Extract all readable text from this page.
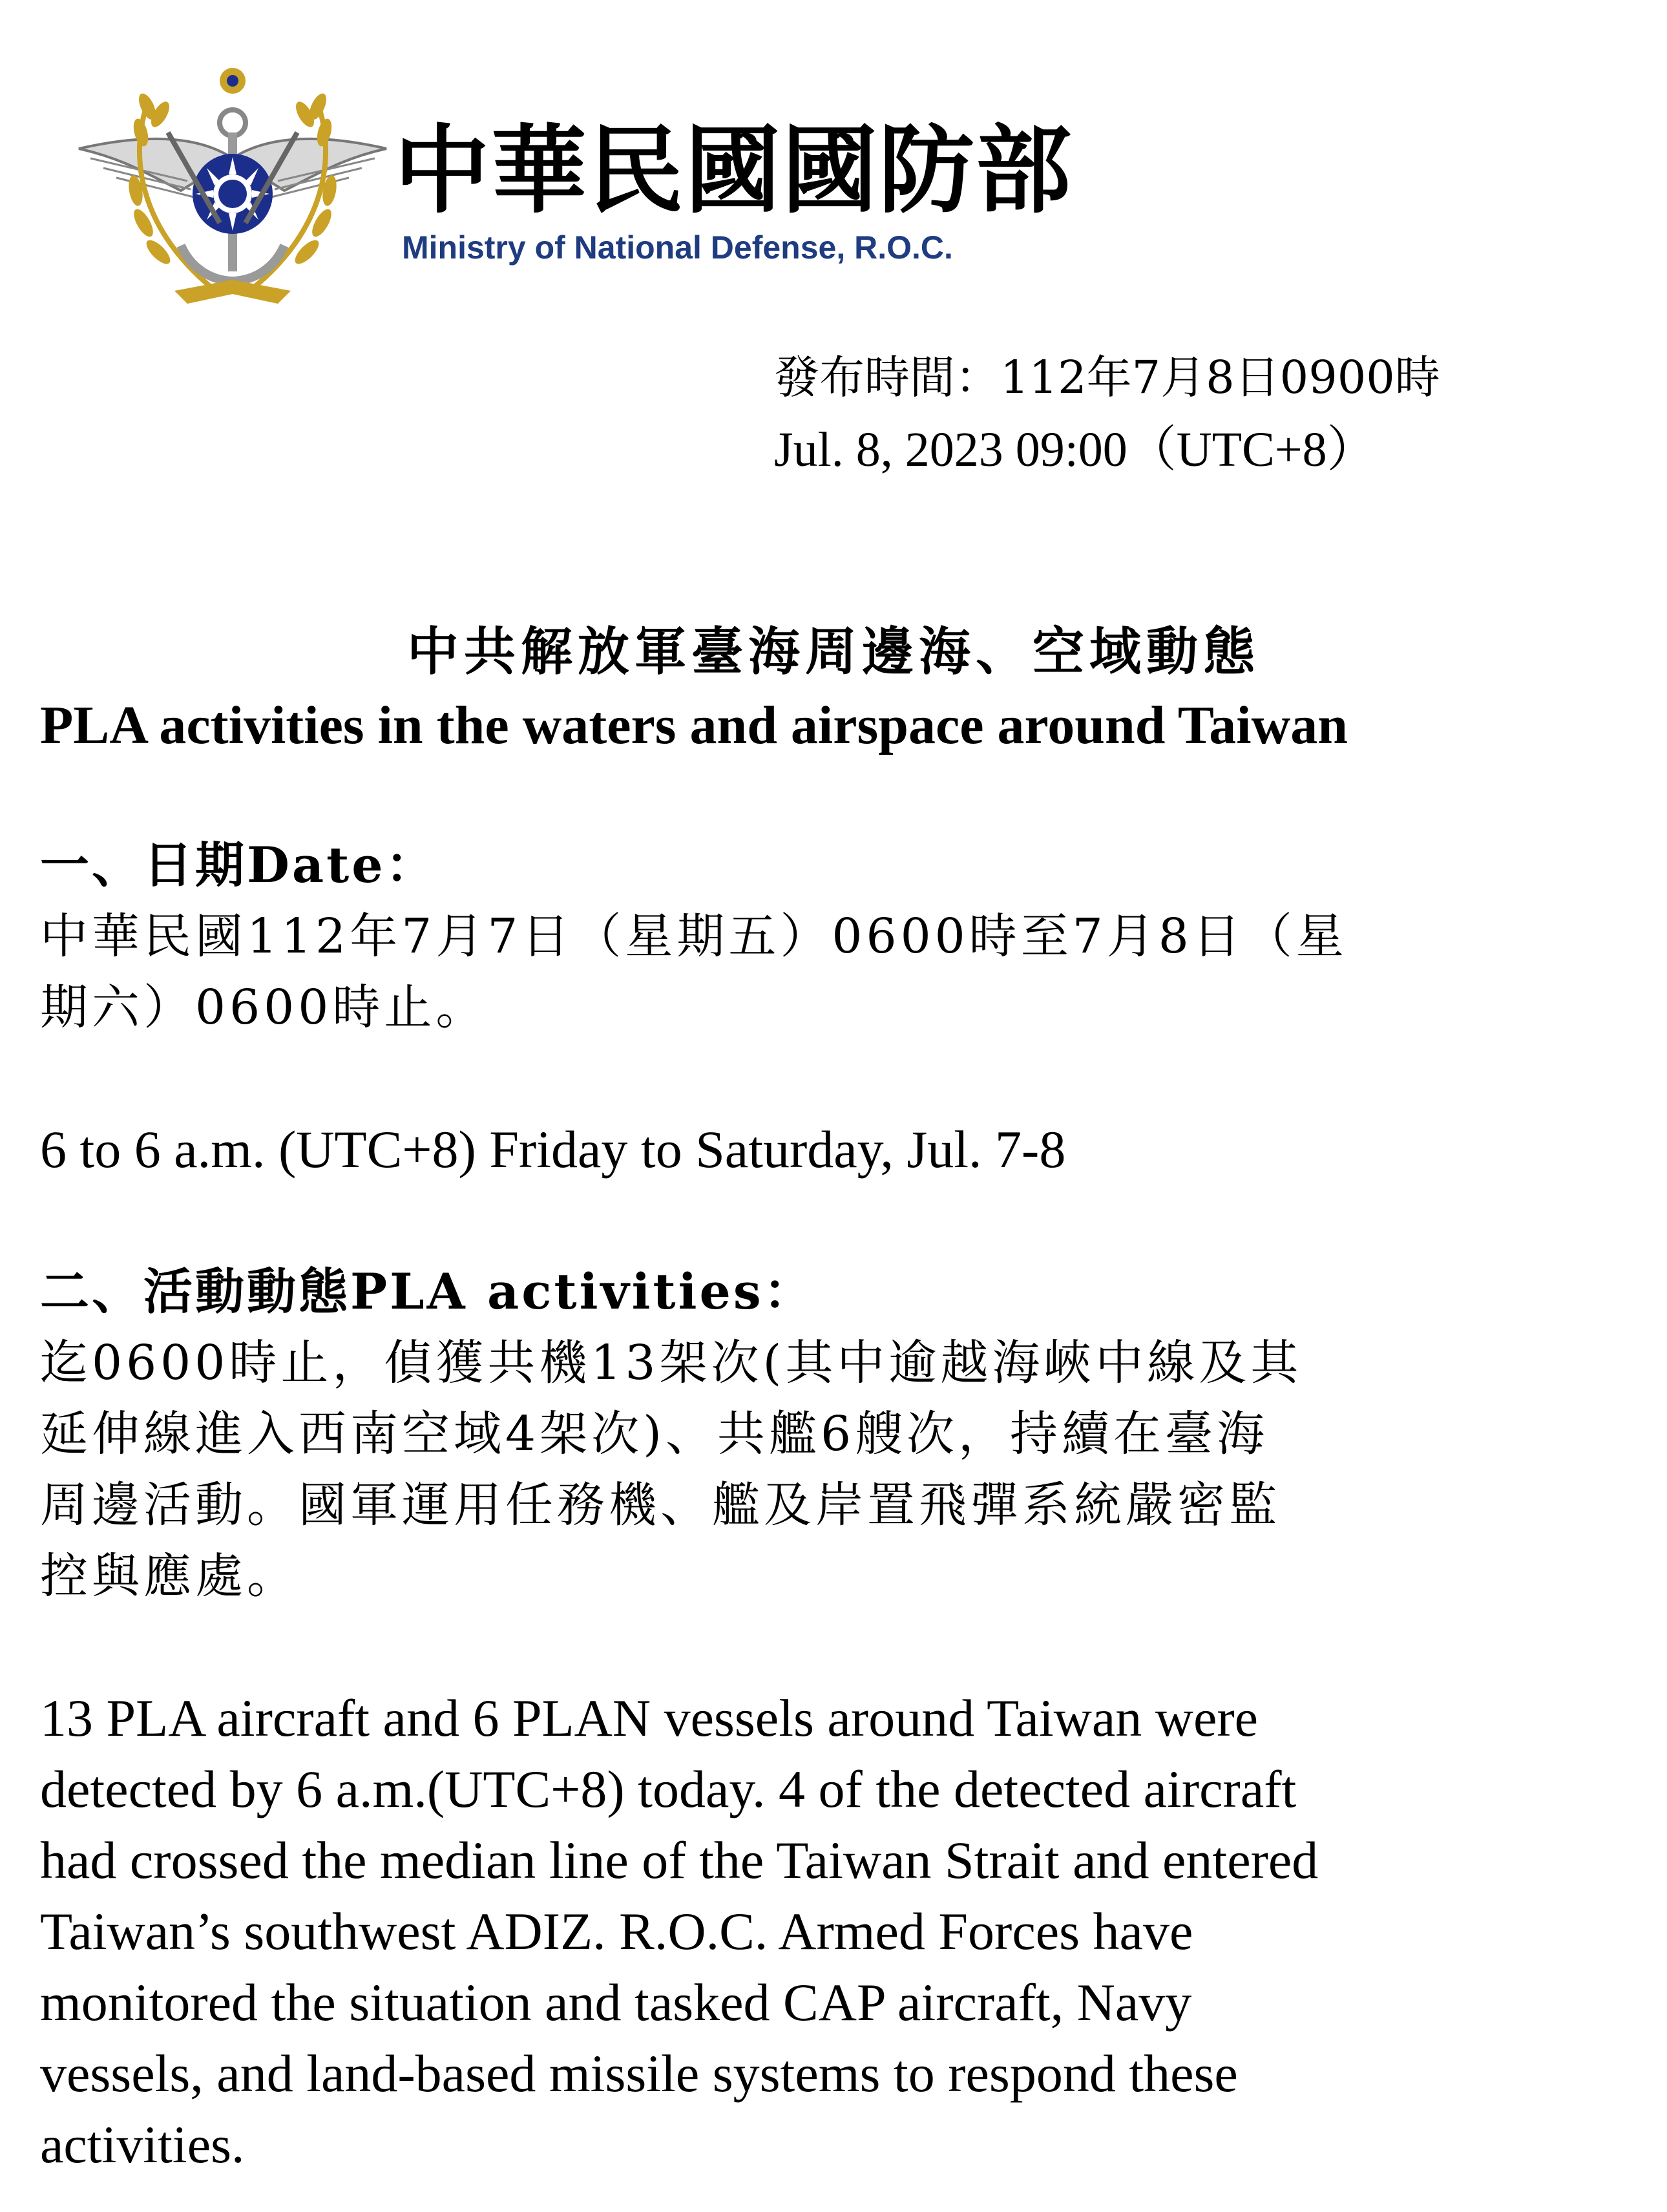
中華民國國防部
Ministry of National Defense, R.O.C.
發布時間：112年7月8日0900時
Jul. 8, 2023 09:00（UTC+8）
中共解放軍臺海周邊海、空域動態
PLA activities in the waters and airspace around Taiwan
一、日期Date：

中華民國112年7月7日（星期五）0600時至7月8日（星
期六）0600時止。

6 to 6 a.m. (UTC+8) Friday to Saturday, Jul. 7-8

二、活動動態PLA activities：

迄0600時止，偵獲共機13架次(其中逾越海峽中線及其
延伸線進入西南空域4架次)、共艦6艘次，持續在臺海
周邊活動。國軍運用任務機、艦及岸置飛彈系統嚴密監
控與應處。

13 PLA aircraft and 6 PLAN vessels around Taiwan were
detected by 6 a.m.(UTC+8) today. 4 of the detected aircraft
had crossed the median line of the Taiwan Strait and entered
Taiwan’s southwest ADIZ. R.O.C. Armed Forces have
monitored the situation and tasked CAP aircraft, Navy
vessels, and land-based missile systems to respond these
activities.
